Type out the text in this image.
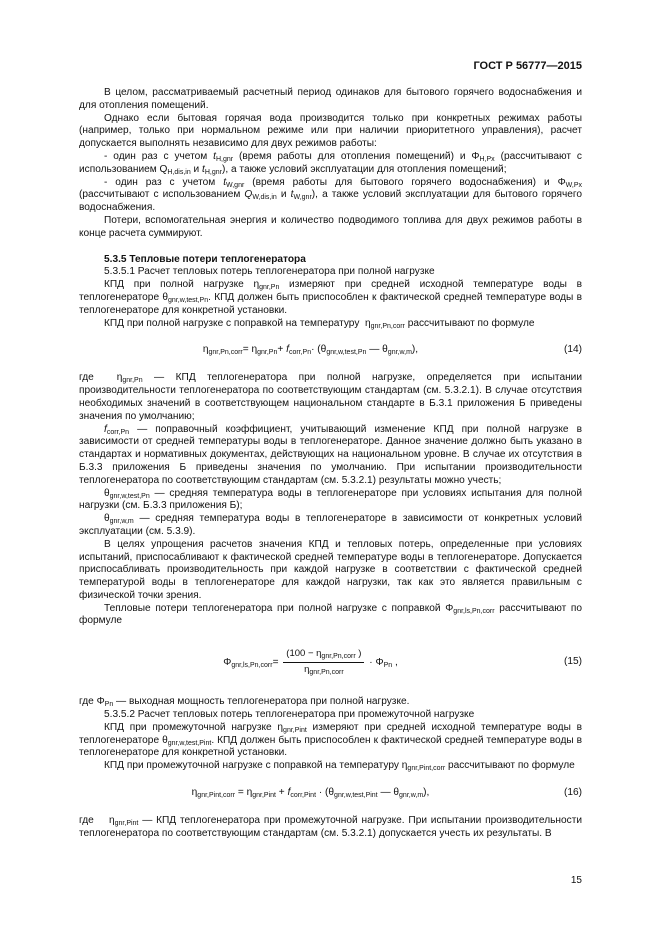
ГОСТ Р 56777—2015

В целом, рассматриваемый расчетный период одинаков для бытового горячего водоснабжения и для отопления помещений.

Однако если бытовая горячая вода производится только при конкретных режимах работы (например, только при нормальном режиме или при наличии приоритетного управления), расчет допускается выполнять независимо для двух режимов работы:

- один раз с учетом $t_{H,gnr}$ (время работы для отопления помещений) и $\Phi_{H,Px}$ (рассчитывают с использованием $Q_{H,dis,in}$ и $t_{H,gnr}$), а также условий эксплуатации для отопления помещений;

- один раз с учетом $t_{W,gnr}$ (время работы для бытового горячего водоснабжения) и $\Phi_{W,Px}$ (рассчитывают с использованием $Q_{W,dis,in}$ и $t_{W,gnr}$), а также условий эксплуатации для бытового горячего водоснабжения.

Потери, вспомогательная энергия и количество подводимого топлива для двух режимов работы в конце расчета суммируют.

5.3.5 Тепловые потери теплогенератора

5.3.5.1 Расчет тепловых потерь теплогенератора при полной нагрузке

КПД при полной нагрузке $\eta_{gnr,Pn}$ измеряют при средней исходной температуре воды в теплогенераторе $\theta_{gnr,w,test,Pn}$. КПД должен быть приспособлен к фактической средней температуре воды в теплогенераторе для конкретной установки.

КПД при полной нагрузке с поправкой на температуру  $\eta_{gnr,Pn,corr}$ рассчитывают по формуле

$\eta_{gnr,Pn,corr}= \eta_{gnr,Pn}+ f_{corr,Pn}\cdot (\theta_{gnr,w,test,Pn}$ — $\theta_{gnr,w,m}$),	(14)

где  $\eta_{gnr,Pn}$ — КПД теплогенератора при полной нагрузке, определяется при испытании производительности теплогенератора по соответствующим стандартам (см. 5.3.2.1). В случае отсутствия необходимых значений в соответствующем национальном стандарте в Б.3.1 приложения Б приведены значения по умолчанию;

$f_{corr,Pn}$ — поправочный коэффициент, учитывающий изменение КПД при полной нагрузке в зависимости от средней температуры воды в теплогенераторе. Данное значение должно быть указано в стандартах и нормативных документах, действующих на национальном уровне. В случае их отсутствия в Б.3.3 приложения Б приведены значения по умолчанию. При испытании производительности теплогенератора по соответствующим стандартам (см. 5.3.2.1) результаты можно учесть;

$\theta_{gnr,w,test,Pn}$ — средняя температура воды в теплогенераторе при условиях испытания для полной нагрузки (см. Б.3.3 приложения Б);

$\theta_{gnr,w,m}$ — средняя температура воды в теплогенераторе в зависимости от конкретных условий эксплуатации (см. 5.3.9).

В целях упрощения расчетов значения КПД и тепловых потерь, определенные при условиях испытаний, приспосабливают к фактической средней температуре воды в теплогенераторе. Допускается приспосабливать производительность при каждой нагрузке в соответствии с фактической средней температурой воды в теплогенераторе для каждой нагрузки, так как это является правильным с физической точки зрения.

Тепловые потери теплогенератора при полной нагрузке с поправкой $\Phi_{gnr,ls,Pn,corr}$ рассчитывают по формуле

$\Phi_{gnr,ls,Pn,corr}= \frac{(100 - \eta_{gnr,Pn,corr} )}{\eta_{gnr,Pn,corr}} \cdot \Phi_{Pn}$ ,	(15)

где $\Phi_{Pn}$ — выходная мощность теплогенератора при полной нагрузке.

5.3.5.2 Расчет тепловых потерь теплогенератора при промежуточной нагрузке

КПД при промежуточной нагрузке $\eta_{gnr,Pint}$ измеряют при средней исходной температуре воды в теплогенераторе $\theta_{gnr,w,test,Pint}$. КПД должен быть приспособлен к фактической средней температуре воды в теплогенераторе для конкретной установки.

КПД при промежуточной нагрузке с поправкой на температуру $\eta_{gnr,Pint,corr}$ рассчитывают по формуле

$\eta_{gnr,Pint,corr} = \eta_{gnr,Pint} + f_{corr,Pint} \cdot (\theta_{gnr,w,test,Pint}$ — $\theta_{gnr,w,m}$),	(16)

где    $\eta_{gnr,Pint}$ — КПД теплогенератора при промежуточной нагрузке. При испытании производительности теплогенератора по соответствующим стандартам (см. 5.3.2.1) допускается учесть их результаты. В

15
